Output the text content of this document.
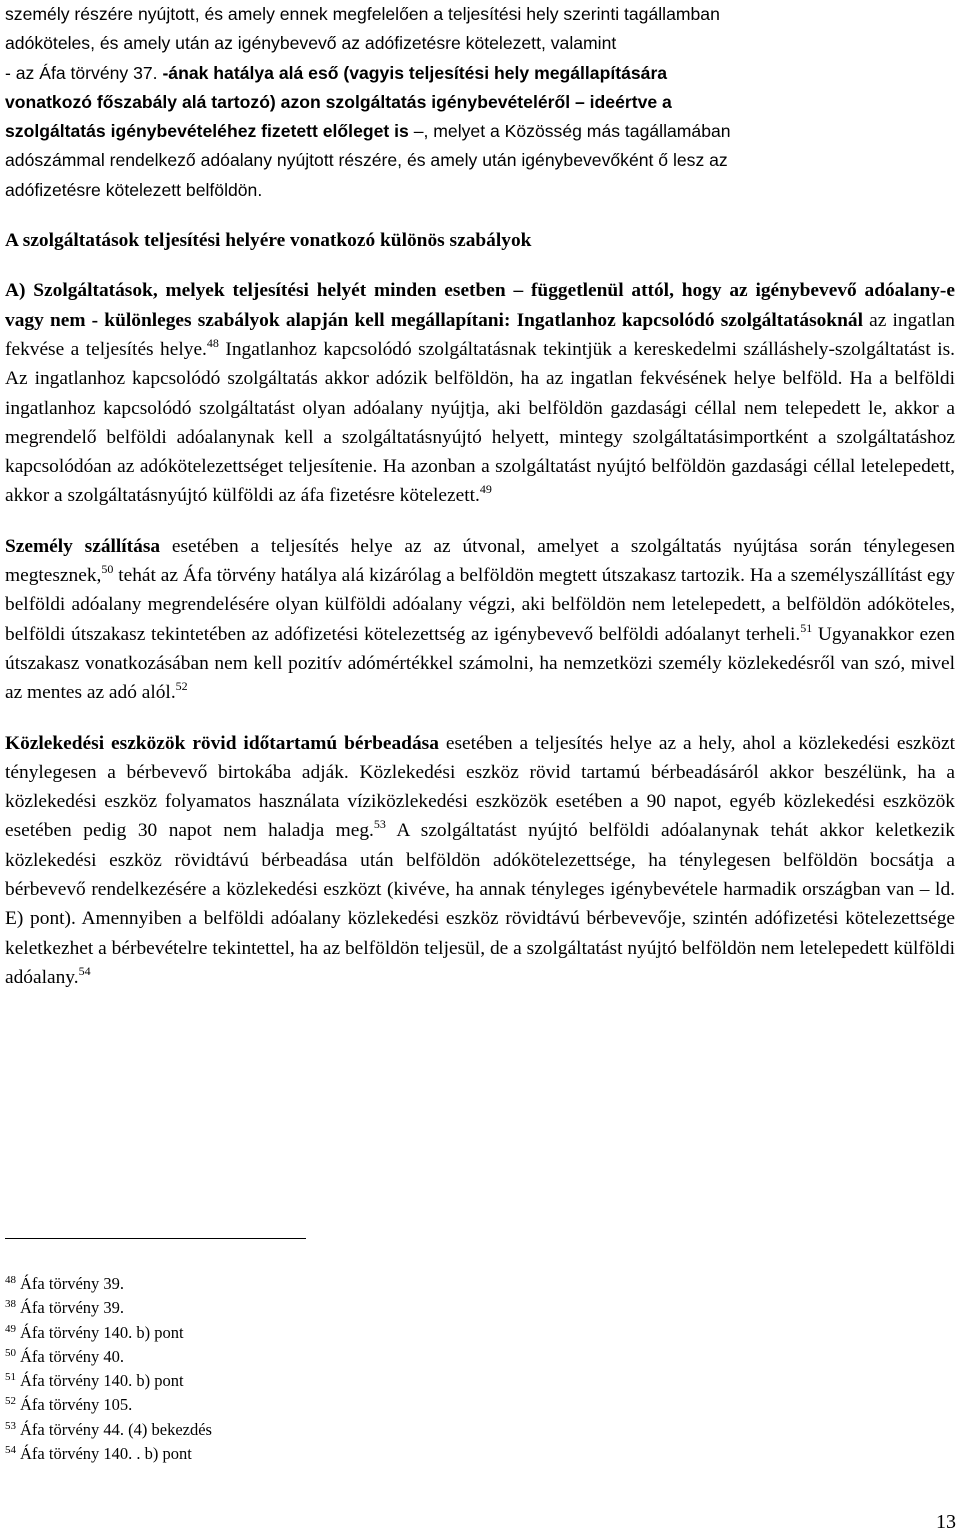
személy részére nyújtott, és amely ennek megfelelően a teljesítési hely szerinti tagállamban
adóköteles, és amely után az igénybevevő az adófizetésre kötelezett, valamint
- az Áfa törvény 37. -ának hatálya alá eső (vagyis teljesítési hely megállapítására
vonatkozó főszabály alá tartozó) azon szolgáltatás igénybevételéről – ideértve a
szolgáltatás igénybevételéhez fizetett előleget is –, melyet a Közösség más tagállamában
adószámmal rendelkező adóalany nyújtott részére, és amely után igénybevevőként ő lesz az
adófizetésre kötelezett belföldön.

A szolgáltatások teljesítési helyére vonatkozó különös szabályok

A) Szolgáltatások, melyek teljesítési helyét minden esetben – függetlenül attól, hogy az igénybevevő adóalany-e vagy nem - különleges szabályok alapján kell megállapítani: Ingatlanhoz kapcsolódó szolgáltatásoknál az ingatlan fekvése a teljesítés helye.$^{48}$ Ingatlanhoz kapcsolódó szolgáltatásnak tekintjük a kereskedelmi szálláshely-szolgáltatást is. Az ingatlanhoz kapcsolódó szolgáltatás akkor adózik belföldön, ha az ingatlan fekvésének helye belföld. Ha a belföldi ingatlanhoz kapcsolódó szolgáltatást olyan adóalany nyújtja, aki belföldön gazdasági céllal nem telepedett le, akkor a megrendelő belföldi adóalanynak kell a szolgáltatásnyújtó helyett, mintegy szolgáltatásimportként a szolgáltatáshoz kapcsolódóan az adókötelezettséget teljesítenie. Ha azonban a szolgáltatást nyújtó belföldön gazdasági céllal letelepedett, akkor a szolgáltatásnyújtó külföldi az áfa fizetésre kötelezett.$^{49}$

Személy szállítása esetében a teljesítés helye az az útvonal, amelyet a szolgáltatás nyújtása során ténylegesen megtesznek,$^{50}$ tehát az Áfa törvény hatálya alá kizárólag a belföldön megtett útszakasz tartozik. Ha a személyszállítást egy belföldi adóalany megrendelésére olyan külföldi adóalany végzi, aki belföldön nem letelepedett, a belföldön adóköteles, belföldi útszakasz tekintetében az adófizetési kötelezettség az igénybevevő belföldi adóalanyt terheli.$^{51}$ Ugyanakkor ezen útszakasz vonatkozásában nem kell pozitív adómértékkel számolni, ha nemzetközi személy közlekedésről van szó, mivel az mentes az adó alól.$^{52}$

Közlekedési eszközök rövid időtartamú bérbeadása esetében a teljesítés helye az a hely, ahol a közlekedési eszközt ténylegesen a bérbevevő birtokába adják. Közlekedési eszköz rövid tartamú bérbeadásáról akkor beszélünk, ha a közlekedési eszköz folyamatos használata víziközlekedési eszközök esetében a 90 napot, egyéb közlekedési eszközök esetében pedig 30 napot nem haladja meg.$^{53}$ A szolgáltatást nyújtó belföldi adóalanynak tehát akkor keletkezik közlekedési eszköz rövidtávú bérbeadása után belföldön adókötelezettsége, ha ténylegesen belföldön bocsátja a bérbevevő rendelkezésére a közlekedési eszközt (kivéve, ha annak tényleges igénybevétele harmadik országban van – ld. E) pont). Amennyiben a belföldi adóalany közlekedési eszköz rövidtávú bérbevevője, szintén adófizetési kötelezettsége keletkezhet a bérbevételre tekintettel, ha az belföldön teljesül, de a szolgáltatást nyújtó belföldön nem letelepedett külföldi adóalany.$^{54}$

$^{48}$ Áfa törvény 39.
$^{38}$ Áfa törvény 39.
$^{49}$ Áfa törvény 140. b) pont
$^{50}$ Áfa törvény 40.
$^{51}$ Áfa törvény 140. b) pont
$^{52}$ Áfa törvény 105.
$^{53}$ Áfa törvény 44. (4) bekezdés
$^{54}$ Áfa törvény 140. . b) pont
13
